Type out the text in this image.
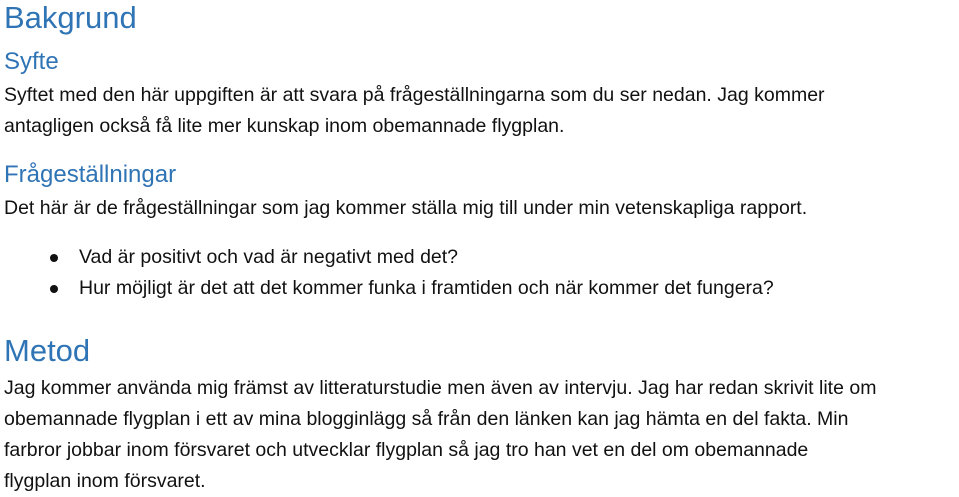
Bakgrund
Syfte
Syftet med den här uppgiften är att svara på frågeställningarna som du ser nedan. Jag kommer
antagligen också få lite mer kunskap inom obemannade flygplan.
Frågeställningar
Det här är de frågeställningar som jag kommer ställa mig till under min vetenskapliga rapport.
Vad är positivt och vad är negativt med det?
Hur möjligt är det att det kommer funka i framtiden och när kommer det fungera?
Metod
Jag kommer använda mig främst av litteraturstudie men även av intervju. Jag har redan skrivit lite om
obemannade flygplan i ett av mina blogginlägg så från den länken kan jag hämta en del fakta. Min
farbror jobbar inom försvaret och utvecklar flygplan så jag tro han vet en del om obemannade
flygplan inom försvaret.
